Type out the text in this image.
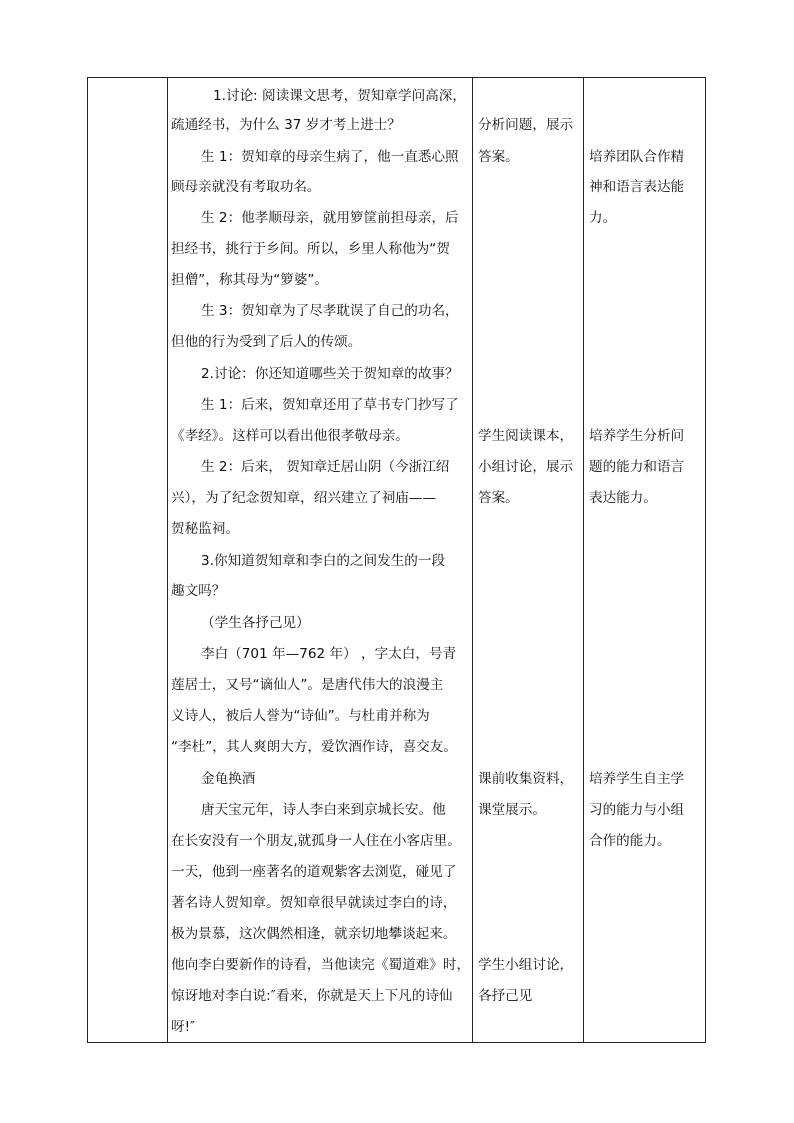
1.讨论: 阅读课文思考，贺知章学问高深，
疏通经书，为什么 37 岁才考上进士？
生 1：贺知章的母亲生病了，他一直悉心照
顾母亲就没有考取功名。
生 2：他孝顺母亲，就用箩筐前担母亲，后
担经书，挑行于乡间。所以，乡里人称他为“贺
担僧”，称其母为“箩婆”。
生 3：贺知章为了尽孝耽误了自己的功名，
但他的行为受到了后人的传颂。
2.讨论：你还知道哪些关于贺知章的故事？
生 1：后来，贺知章还用了草书专门抄写了
《孝经》。这样可以看出他很孝敬母亲。
生 2：后来， 贺知章迁居山阴（今浙江绍
兴），为了纪念贺知章，绍兴建立了祠庙——
贺秘监祠。
3.你知道贺知章和李白的之间发生的一段
趣文吗？
（学生各抒己见）
李白（701 年—762 年） ，字太白，号青
莲居士，又号“谪仙人”。是唐代伟大的浪漫主
义诗人，被后人誉为“诗仙”。与杜甫并称为
“李杜”，其人爽朗大方，爱饮酒作诗，喜交友。
金龟换酒
唐天宝元年，诗人李白来到京城长安。他
在长安没有一个朋友,就孤身一人住在小客店里。
一天，他到一座著名的道观紫客去浏览，碰见了
著名诗人贺知章。贺知章很早就读过李白的诗，
极为景慕，这次偶然相逢，就亲切地攀谈起来。
他向李白要新作的诗看，当他读完《蜀道难》时，
惊讶地对李白说:″看来，你就是天上下凡的诗仙
呀!″
分析问题，展示
答案。
学生阅读课本，
小组讨论，展示
答案。
课前收集资料，
课堂展示。
学生小组讨论，
各抒己见
培养团队合作精
神和语言表达能
力。
培养学生分析问
题的能力和语言
表达能力。
培养学生自主学
习的能力与小组
合作的能力。
